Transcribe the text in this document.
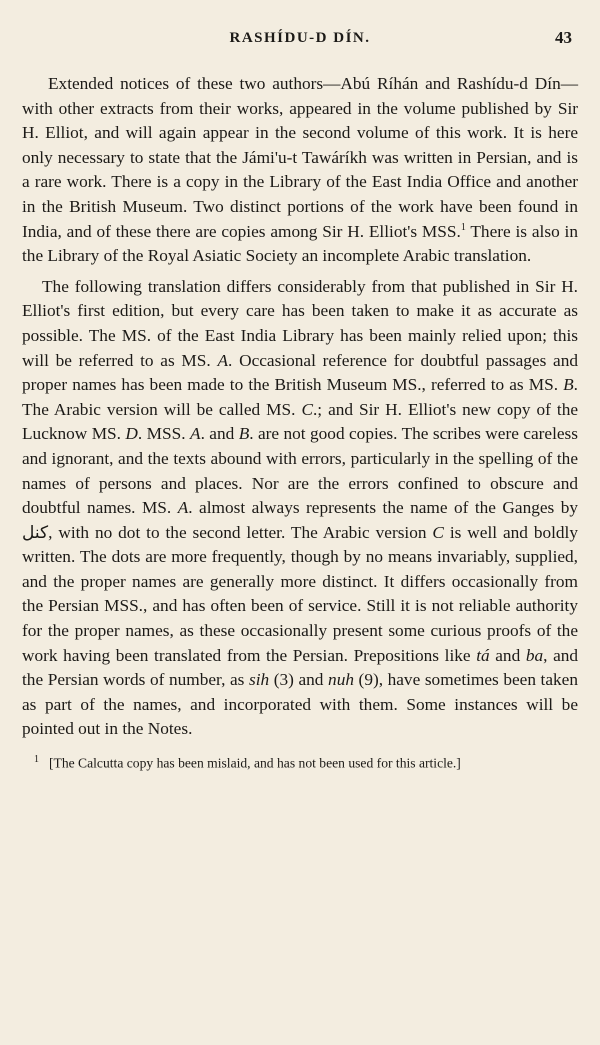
RASHÍDU-D DÍN.	43

Extended notices of these two authors—Abú Ríhán and Rashídu-d Dín—with other extracts from their works, appeared in the volume published by Sir H. Elliot, and will again appear in the second volume of this work. It is here only necessary to state that the Jámi'u-t Tawáríkh was written in Persian, and is a rare work. There is a copy in the Library of the East India Office and another in the British Museum. Two distinct portions of the work have been found in India, and of these there are copies among Sir H. Elliot's MSS.$^1$ There is also in the Library of the Royal Asiatic Society an incomplete Arabic translation.

The following translation differs considerably from that published in Sir H. Elliot's first edition, but every care has been taken to make it as accurate as possible. The MS. of the East India Library has been mainly relied upon; this will be referred to as MS. A. Occasional reference for doubtful passages and proper names has been made to the British Museum MS., referred to as MS. B. The Arabic version will be called MS. C.; and Sir H. Elliot's new copy of the Lucknow MS. D. MSS. A. and B. are not good copies. The scribes were careless and ignorant, and the texts abound with errors, particularly in the spelling of the names of persons and places. Nor are the errors confined to obscure and doubtful names. MS. A. almost always represents the name of the Ganges by کنل, with no dot to the second letter. The Arabic version C is well and boldly written. The dots are more frequently, though by no means invariably, supplied, and the proper names are generally more distinct. It differs occasionally from the Persian MSS., and has often been of service. Still it is not reliable authority for the proper names, as these occasionally present some curious proofs of the work having been translated from the Persian. Prepositions like tá and ba, and the Persian words of number, as sih (3) and nuh (9), have sometimes been taken as part of the names, and incorporated with them. Some instances will be pointed out in the Notes.

$^1$ [The Calcutta copy has been mislaid, and has not been used for this article.]
